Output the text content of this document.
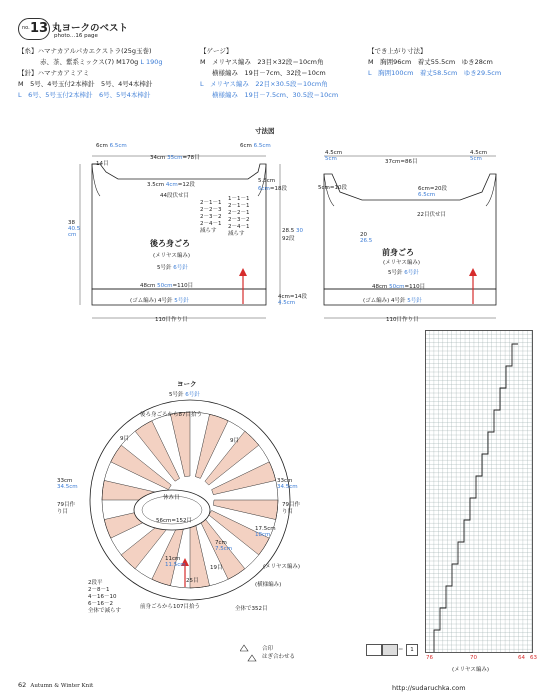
no. 13 丸ヨークのベスト
photo…16 page
【糸】ハマナカアルパカエクストラ(25g玉巻)
赤、茶、紫系ミックス(7) M170g L 190g
【針】ハマナカアミアミ
M　5号、4号玉付2本棒針　5号、4号4本棒針
L　6号、5号玉付2本棒針　6号、5号4本棒針
【ゲージ】
M　メリヤス編み　23目×32段＝10cm角
横様編み　19目－7cm、32段＝10cm
L　メリヤス編み　22目×30.5段＝10cm角
横様編み　19目－7.5cm、30.5段＝10cm
【でき上がり寸法】
M　胸囲96cm　着丈55.5cm　ゆき28cm
L　胸囲100cm　着丈58.5cm　ゆき29.5cm
寸法図
6cm 6.5cm
14目
34cm 35cm=78目
6cm 6.5cm
3.5cm 4cm=12段
44段伏せ目
5.5cm
6cm=18段
2－1－1
2－2－3
2－3－2
2－4－1
減らす
1－1－1
2－1－1
2－2－1
2－3－2
2－4－1
減らす
後ろ身ごろ
(メリヤス編み)
5号針 6号針
48cm 50cm=110目
(ゴム編み) 4号針 5号針
110目作り目
38
40.5
cm
28.5 30
92段
4cm=14段
4.5cm
4.5cm
5cm	37cm=86目
4.5cm
5cm
5cm=10段	6cm=20段
6.5cm
22目伏せ目
20
26.5
前身ごろ
(メリヤス編み)
5号針 6号針
48cm 50cm=110目
(ゴム編み) 4号針 5号針
110目作り目
ヨーク
5号針 6号針
後ろ身ごろから87目拾う
9目	9目
休み目
56cm=152目
33cm
34.5cm
79目作り目
33cm
34.5cm
79目作り目
17.5cm
18cm
7cm
7.5cm
11cm
11.5cm
25目
19目	(メリヤス編み)
(横様編み)
前身ごろから107目拾う	全体で352目
2段平
2－8－1
4－16－10
6－16－2
全体で減らす
合印
はぎ合わせる
＝	1
76	70	64 63
(メリヤス編み)
62 Autumn & Winter Knit	http://sudaruchka.com
